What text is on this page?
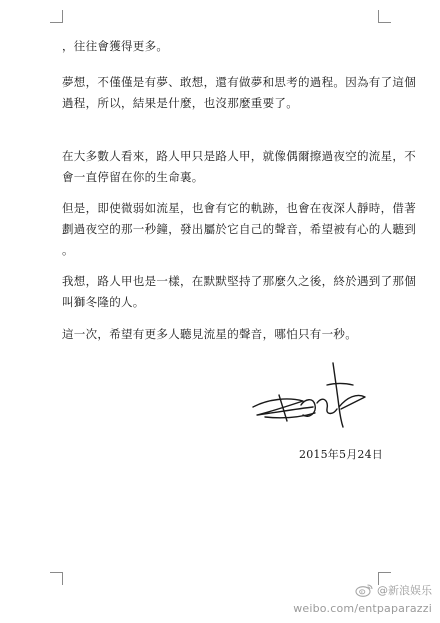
，往往會獲得更多。
夢想，不僅僅是有夢、敢想，還有做夢和思考的過程。因為有了這個
過程，所以，結果是什麼，也沒那麼重要了。
在大多數人看來，路人甲只是路人甲，就像偶爾擦過夜空的流星，不
會一直停留在你的生命裏。
但是，即使微弱如流星，也會有它的軌跡，也會在夜深人靜時，借著
劃過夜空的那一秒鐘，發出屬於它自己的聲音，希望被有心的人聽到
。
我想，路人甲也是一樣，在默默堅持了那麼久之後，終於遇到了那個
叫獅冬隆的人。
這一次，希望有更多人聽見流星的聲音，哪怕只有一秒。
2015年5月24日
@新浪娱乐
weibo.com/entpaparazzi
